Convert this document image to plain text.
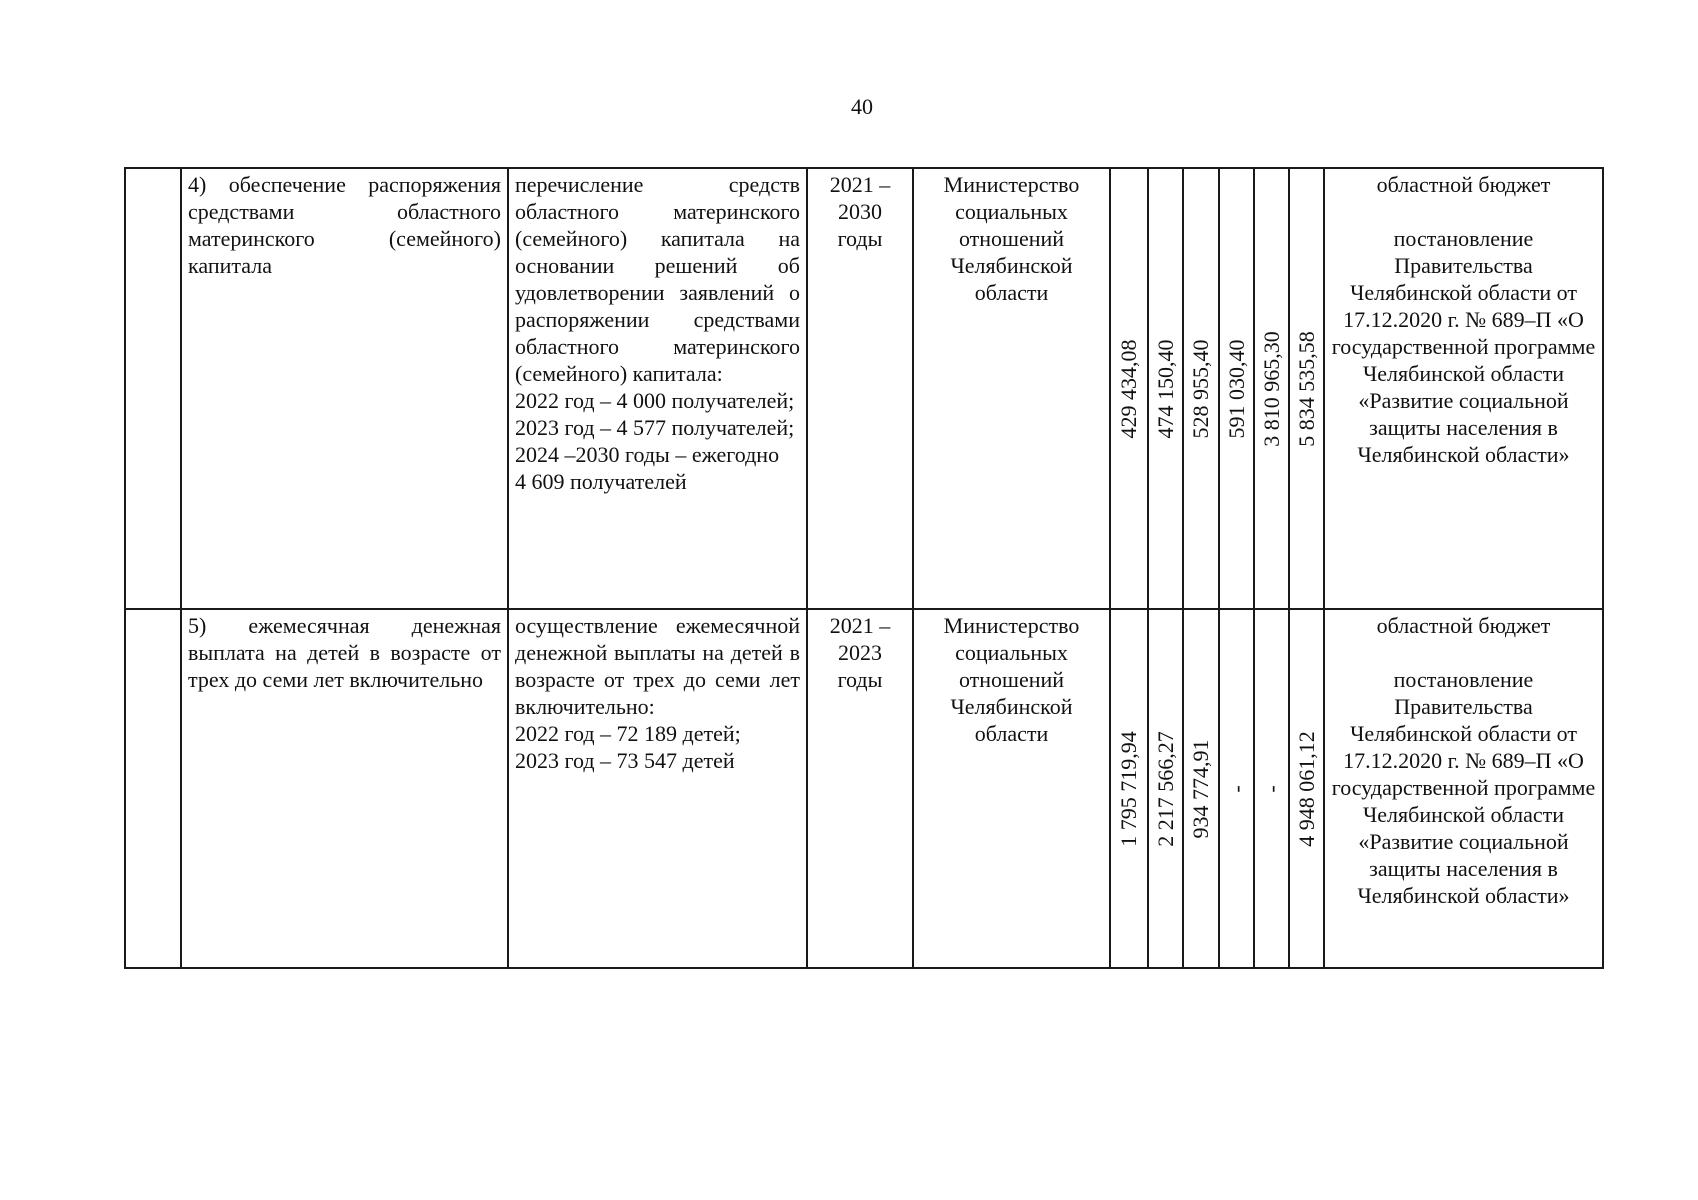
40

	4) обеспечение распоряжения средствами областного материнского (семейного) капитала	перечисление средств областного материнского (семейного) капитала на основании решений об удовлетворении заявлений о распоряжении средствами областного материнского (семейного) капитала:
2022 год – 4 000 получателей;
2023 год – 4 577 получателей;
2024 –2030 годы – ежегодно
4 609 получателей	2021 – 2030 годы	Министерство социальных отношений Челябинской области	429 434,08	474 150,40	528 955,40	591 030,40	3 810 965,30	5 834 535,58	областной бюджет
постановление Правительства Челябинской области от 17.12.2020 г. № 689–П «О государственной программе Челябинской области «Развитие социальной защиты населения в Челябинской области»

	5) ежемесячная денежная выплата на детей в возрасте от трех до семи лет включительно	осуществление ежемесячной денежной выплаты на детей в возрасте от трех до семи лет включительно:
2022 год – 72 189 детей;
2023 год – 73 547 детей	2021 – 2023 годы	Министерство социальных отношений Челябинской области	1 795 719,94	2 217 566,27	934 774,91	-	-	4 948 061,12	областной бюджет
постановление Правительства Челябинской области от 17.12.2020 г. № 689–П «О государственной программе Челябинской области «Развитие социальной защиты населения в Челябинской области»
